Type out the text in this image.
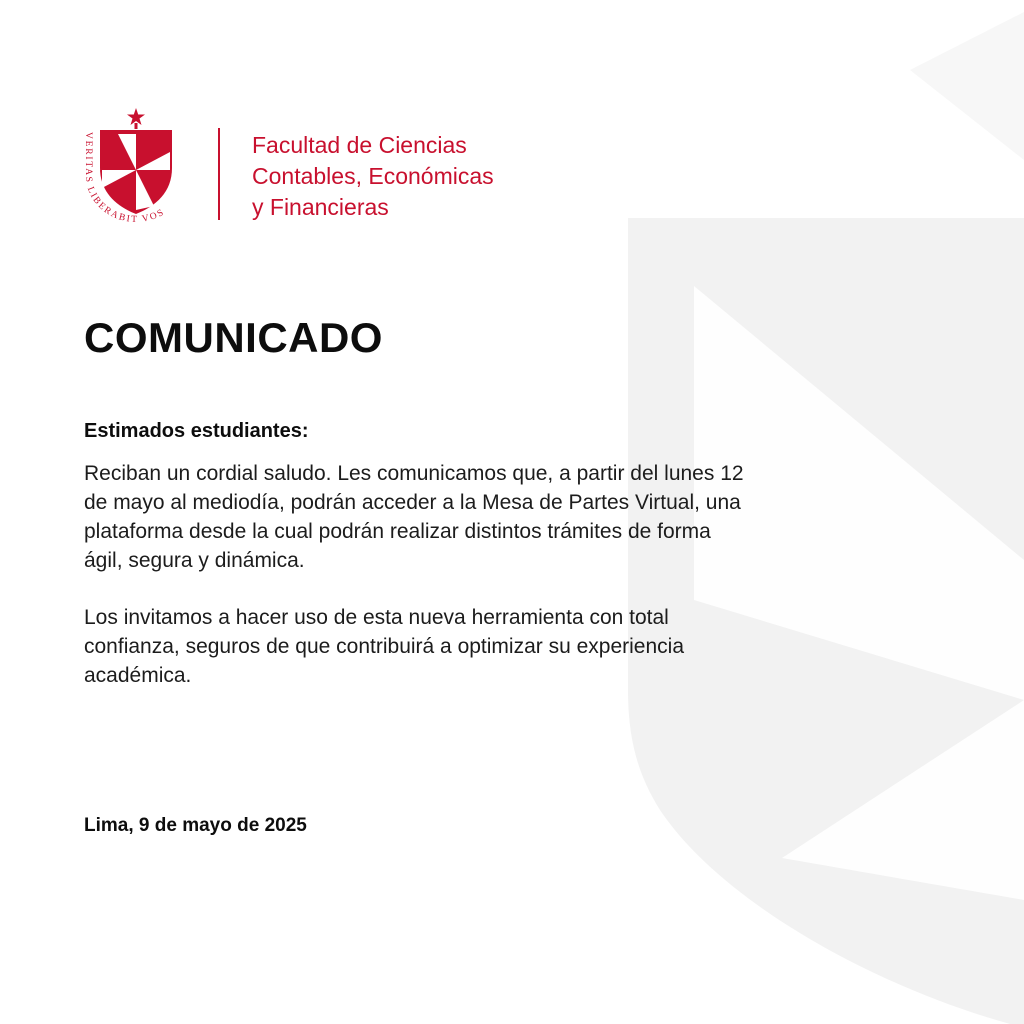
VERITAS LIBERABIT VOS
Facultad de Ciencias
Contables, Económicas
y Financieras
COMUNICADO
Estimados estudiantes:
Reciban un cordial saludo. Les comunicamos que, a partir del lunes 12
de mayo al mediodía, podrán acceder a la Mesa de Partes Virtual, una
plataforma desde la cual podrán realizar distintos trámites de forma
ágil, segura y dinámica.
Los invitamos a hacer uso de esta nueva herramienta con total
confianza, seguros de que contribuirá a optimizar su experiencia
académica.
Lima, 9 de mayo de 2025
